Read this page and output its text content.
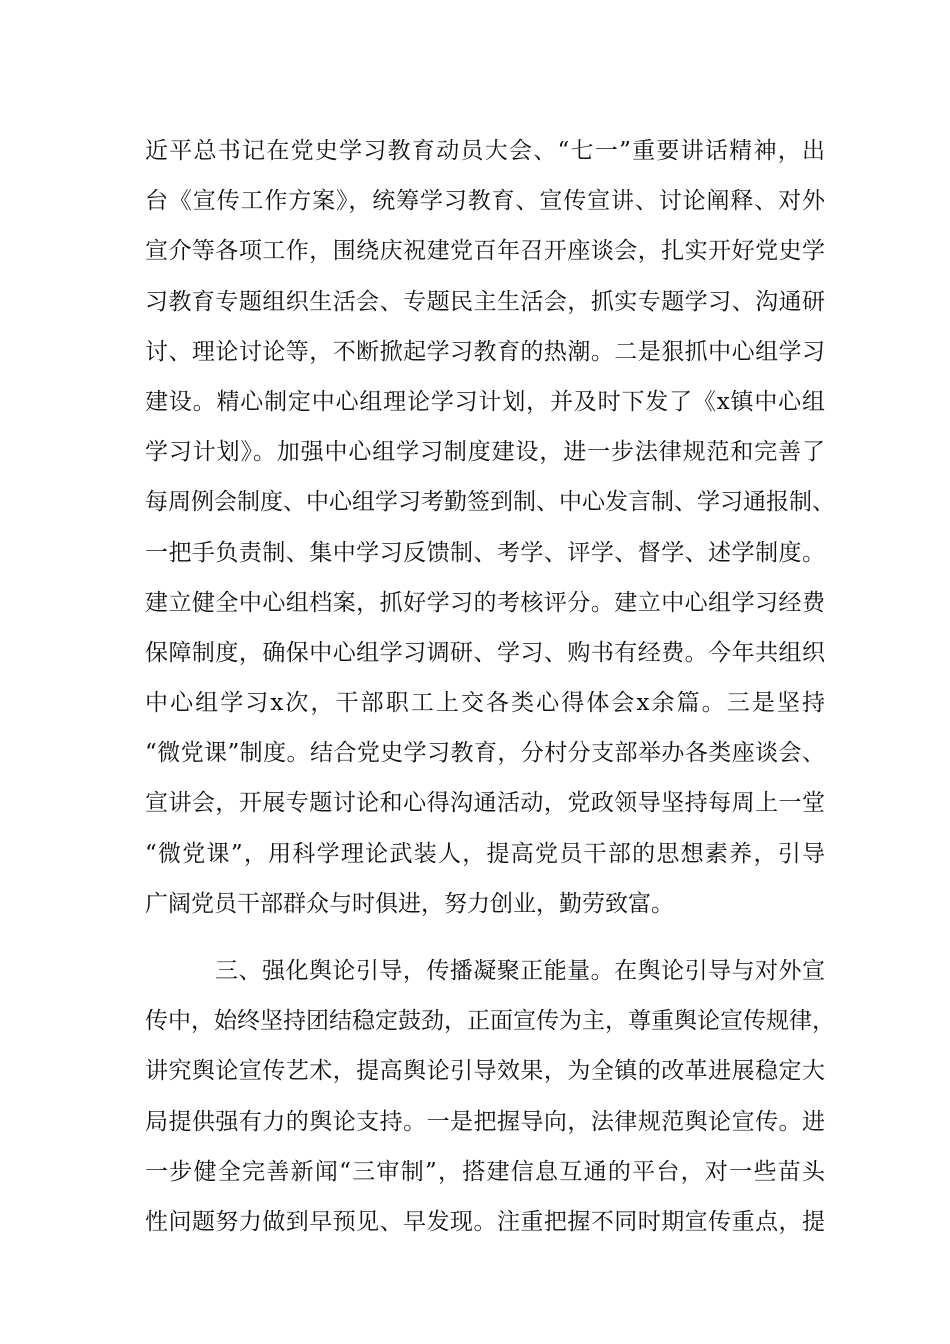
近平总书记在党史学习教育动员大会、“七一”重要讲话精神，出
台《宣传工作方案》，统筹学习教育、宣传宣讲、讨论阐释、对外
宣介等各项工作，围绕庆祝建党百年召开座谈会，扎实开好党史学
习教育专题组织生活会、专题民主生活会，抓实专题学习、沟通研
讨、理论讨论等，不断掀起学习教育的热潮。二是狠抓中心组学习
建设。精心制定中心组理论学习计划，并及时下发了《x镇中心组
学习计划》。加强中心组学习制度建设，进一步法律规范和完善了
每周例会制度、中心组学习考勤签到制、中心发言制、学习通报制、
一把手负责制、集中学习反馈制、考学、评学、督学、述学制度。
建立健全中心组档案，抓好学习的考核评分。建立中心组学习经费
保障制度，确保中心组学习调研、学习、购书有经费。今年共组织
中心组学习x次，干部职工上交各类心得体会x余篇。三是坚持
“微党课”制度。结合党史学习教育，分村分支部举办各类座谈会、
宣讲会，开展专题讨论和心得沟通活动，党政领导坚持每周上一堂
“微党课”，用科学理论武装人，提高党员干部的思想素养，引导
广阔党员干部群众与时俱进，努力创业，勤劳致富。
三、强化舆论引导，传播凝聚正能量。在舆论引导与对外宣
传中，始终坚持团结稳定鼓劲，正面宣传为主，尊重舆论宣传规律，
讲究舆论宣传艺术，提高舆论引导效果，为全镇的改革进展稳定大
局提供强有力的舆论支持。一是把握导向，法律规范舆论宣传。进
一步健全完善新闻“三审制”，搭建信息互通的平台，对一些苗头
性问题努力做到早预见、早发现。注重把握不同时期宣传重点，提
